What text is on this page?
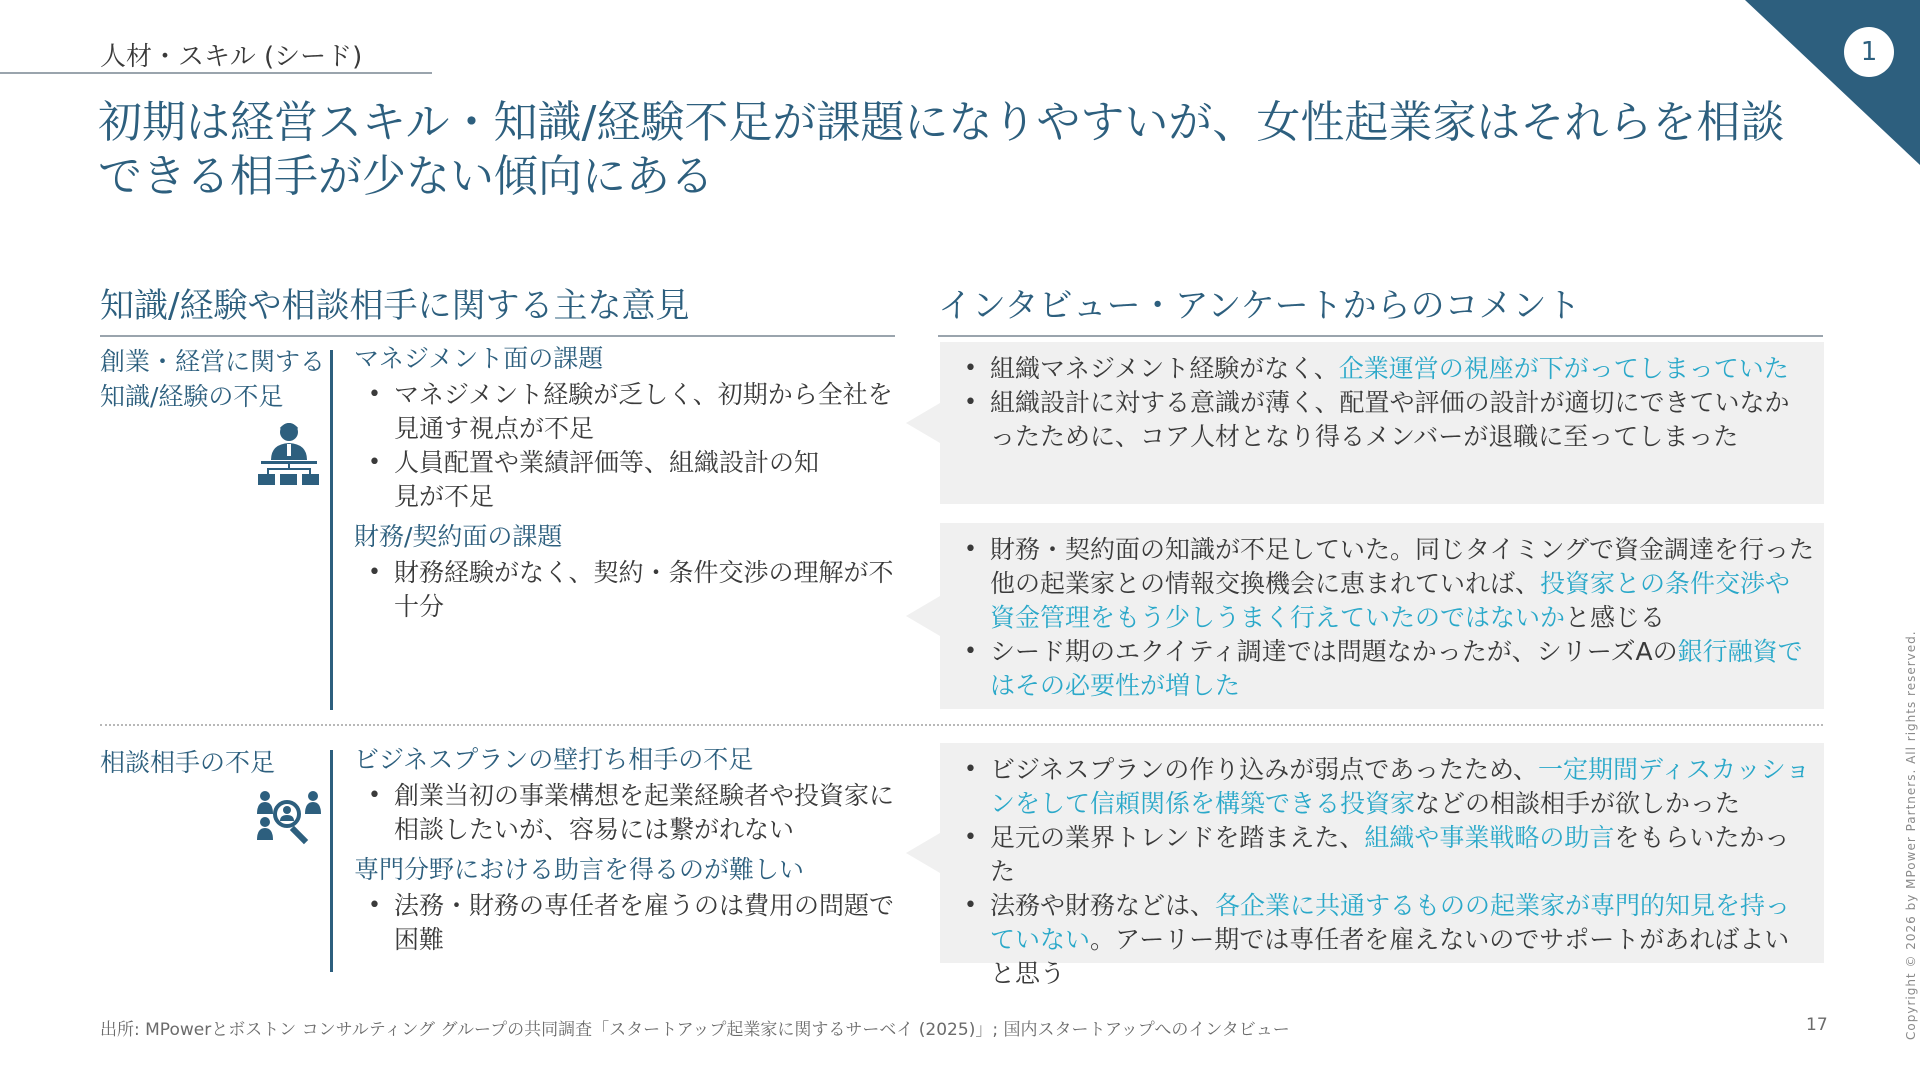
人材・スキル (シード)	1
初期は経営スキル・知識/経験不足が課題になりやすいが、女性起業家はそれらを相談できる相手が少ない傾向にある
知識/経験や相談相手に関する主な意見	インタビュー・アンケートからのコメント
創業・経営に関する
知識/経験の不足
マネジメント面の課題
• マネジメント経験が乏しく、初期から全社を見通す視点が不足
• 人員配置や業績評価等、組織設計の知見が不足
財務/契約面の課題
• 財務経験がなく、契約・条件交渉の理解が不十分
• 組織マネジメント経験がなく、企業運営の視座が下がってしまっていた
• 組織設計に対する意識が薄く、配置や評価の設計が適切にできていなかったために、コア人材となり得るメンバーが退職に至ってしまった
• 財務・契約面の知識が不足していた。同じタイミングで資金調達を行った他の起業家との情報交換機会に恵まれていれば、投資家との条件交渉や資金管理をもう少しうまく行えていたのではないかと感じる
• シード期のエクイティ調達では問題なかったが、シリーズAの銀行融資ではその必要性が増した
相談相手の不足	ビジネスプランの壁打ち相手の不足
• 創業当初の事業構想を起業経験者や投資家に相談したいが、容易には繋がれない
専門分野における助言を得るのが難しい
• 法務・財務の専任者を雇うのは費用の問題で困難
• ビジネスプランの作り込みが弱点であったため、一定期間ディスカッションをして信頼関係を構築できる投資家などの相談相手が欲しかった
• 足元の業界トレンドを踏まえた、組織や事業戦略の助言をもらいたかった
• 法務や財務などは、各企業に共通するものの起業家が専門的知見を持っていない。アーリー期では専任者を雇えないのでサポートがあればよいと思う
出所: MPowerとボストン コンサルティング グループの共同調査「スタートアップ起業家に関するサーベイ (2025)」; 国内スタートアップへのインタビュー	17	Copyright © 2026 by MPower Partners. All rights reserved.
